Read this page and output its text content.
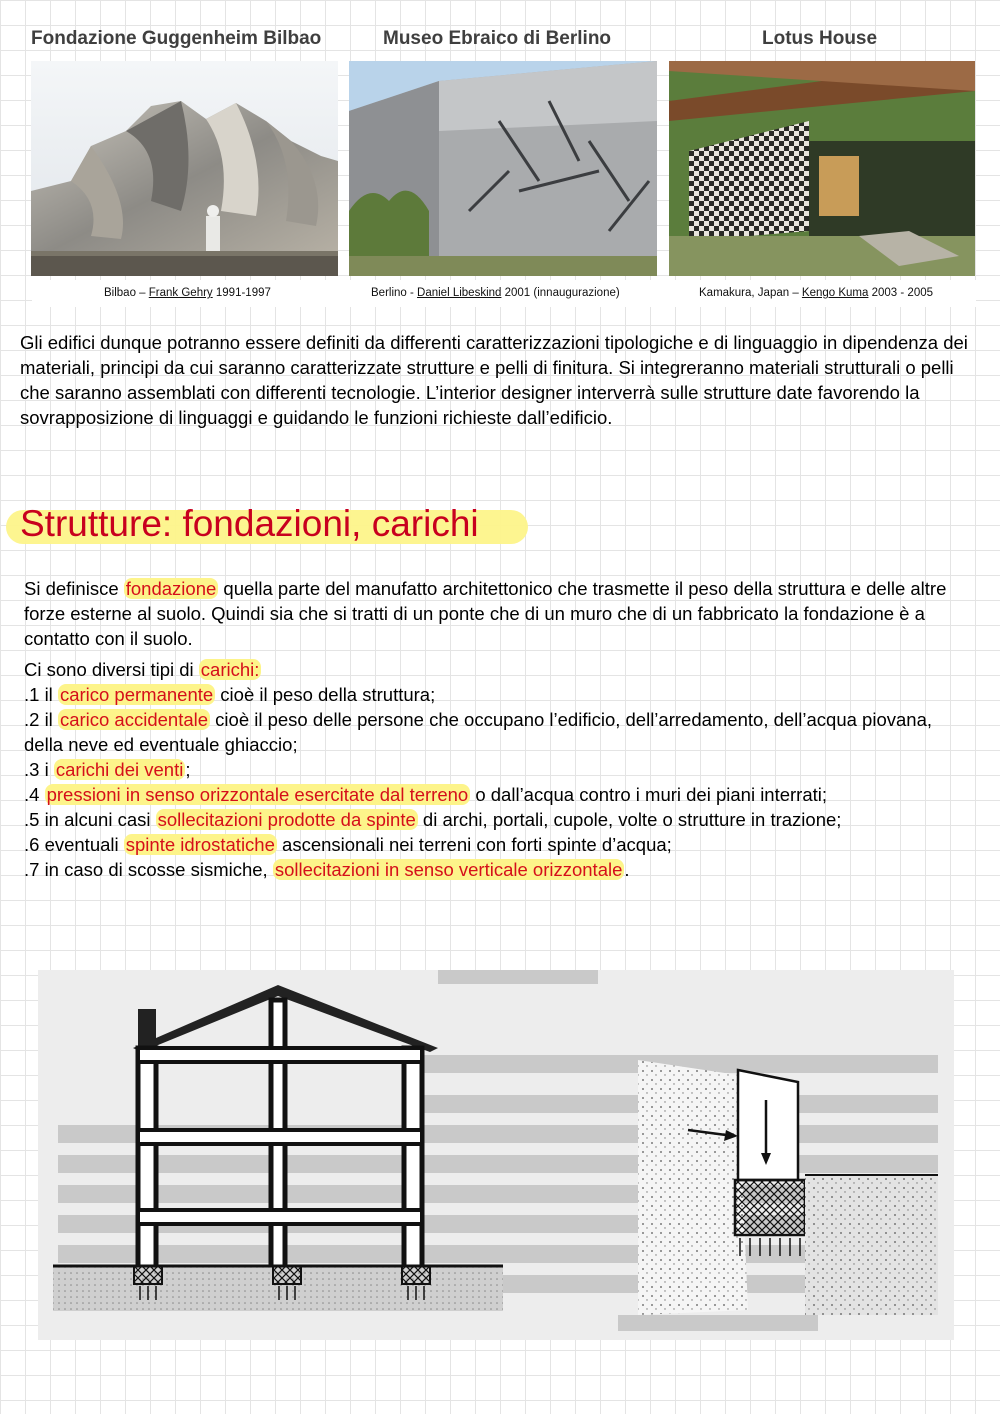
Fondazione Guggenheim Bilbao	Museo Ebraico di Berlino	Lotus House
Bilbao – Frank Gehry 1991-1997	Berlino - Daniel Libeskind 2001 (innaugurazione)	Kamakura, Japan – Kengo Kuma 2003 - 2005

Gli edifici dunque potranno essere definiti da differenti caratterizzazioni tipologiche e di linguaggio in dipendenza dei materiali, principi da cui saranno caratterizzate strutture e pelli di finitura. Si integreranno materiali strutturali o pelli che saranno assemblati con differenti tecnologie. L’interior designer interverrà sulle strutture date favorendo la sovrapposizione di linguaggi e guidando le funzioni richieste dall’edificio.

Strutture: fondazioni, carichi

Si definisce fondazione quella parte del manufatto architettonico che trasmette il peso della struttura e delle altre forze esterne al suolo. Quindi sia che si tratti di un ponte che di un muro che di un fabbricato la fondazione è a contatto con il suolo.

Ci sono diversi tipi di carichi:
.1 il carico permanente cioè il peso della struttura;
.2 il carico accidentale cioè il peso delle persone che occupano l’edificio, dell’arredamento, dell’acqua piovana, della neve ed eventuale ghiaccio;
.3 i carichi dei venti ;
.4 pressioni in senso orizzontale esercitate dal terreno o dall’acqua contro i muri dei piani interrati;
.5 in alcuni casi sollecitazioni prodotte da spinte di archi, portali, cupole, volte o strutture in trazione;
.6 eventuali spinte idrostatiche ascensionali nei terreni con forti spinte d’acqua;
.7 in caso di scosse sismiche, sollecitazioni in senso verticale orizzontale .
